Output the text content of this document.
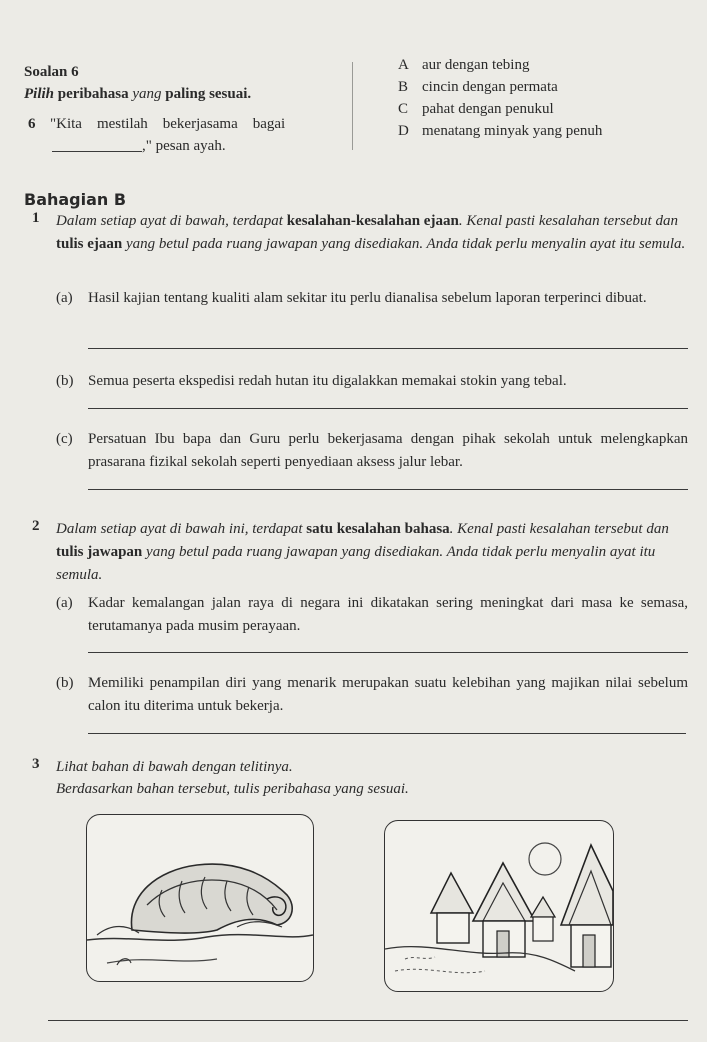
Soalan 6
Pilih peribahasa yang paling sesuai.
6 "Kita    mestilah    bekerjasama    bagai
," pesan ayah.
A aur dengan tebing
B cincin dengan permata
C pahat dengan penukul
D menatang minyak yang penuh
Bahagian B
1 Dalam setiap ayat di bawah, terdapat kesalahan-kesalahan ejaan. Kenal pasti kesalahan tersebut dan tulis ejaan yang betul pada ruang jawapan yang disediakan. Anda tidak perlu menyalin ayat itu semula.
(a) Hasil kajian tentang kualiti alam sekitar itu perlu dianalisa sebelum laporan terperinci dibuat.
(b) Semua peserta ekspedisi redah hutan itu digalakkan memakai stokin yang tebal.
(c) Persatuan Ibu bapa dan Guru perlu bekerjasama dengan pihak sekolah untuk melengkapkan prasarana fizikal sekolah seperti penyediaan aksess jalur lebar.
2 Dalam setiap ayat di bawah ini, terdapat satu kesalahan bahasa. Kenal pasti kesalahan tersebut dan tulis jawapan yang betul pada ruang jawapan yang disediakan. Anda tidak perlu menyalin ayat itu semula.
(a) Kadar kemalangan jalan raya di negara ini dikatakan sering meningkat dari masa ke semasa, terutamanya pada musim perayaan.
(b) Memiliki penampilan diri yang menarik merupakan suatu kelebihan yang majikan nilai sebelum calon itu diterima untuk bekerja.
3 Lihat bahan di bawah dengan telitinya.
Berdasarkan bahan tersebut, tulis peribahasa yang sesuai.
